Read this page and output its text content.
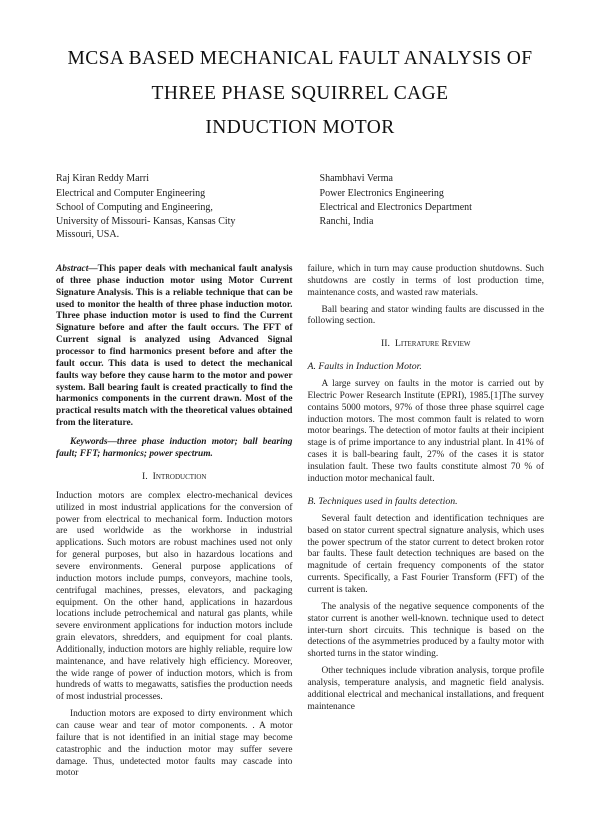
MCSA BASED MECHANICAL FAULT ANALYSIS OF
THREE PHASE SQUIRREL CAGE
INDUCTION MOTOR
Raj Kiran Reddy Marri
Electrical and Computer Engineering
School of Computing and Engineering,
University of Missouri- Kansas, Kansas City
Missouri, USA.
Shambhavi Verma
Power Electronics Engineering
Electrical and Electronics Department
Ranchi, India

Abstract—This paper deals with mechanical fault analysis of three phase induction motor using Motor Current Signature Analysis. This is a reliable technique that can be used to monitor the health of three phase induction motor. Three phase induction motor is used to find the Current Signature before and after the fault occurs. The FFT of Current signal is analyzed using Advanced Signal processor to find harmonics present before and after the fault occur. This data is used to detect the mechanical faults way before they cause harm to the motor and power system. Ball bearing fault is created practically to find the harmonics components in the current drawn. Most of the practical results match with the theoretical values obtained from the literature.

Keywords—three phase induction motor; ball bearing fault; FFT; harmonics; power spectrum.

I. Introduction

Induction motors are complex electro-mechanical devices utilized in most industrial applications for the conversion of power from electrical to mechanical form. Induction motors are used worldwide as the workhorse in industrial applications. Such motors are robust machines used not only for general purposes, but also in hazardous locations and severe environments. General purpose applications of induction motors include pumps, conveyors, machine tools, centrifugal machines, presses, elevators, and packaging equipment. On the other hand, applications in hazardous locations include petrochemical and natural gas plants, while severe environment applications for induction motors include grain elevators, shredders, and equipment for coal plants. Additionally, induction motors are highly reliable, require low maintenance, and have relatively high efficiency. Moreover, the wide range of power of induction motors, which is from hundreds of watts to megawatts, satisfies the production needs of most industrial processes.

Induction motors are exposed to dirty environment which can cause wear and tear of motor components. . A motor failure that is not identified in an initial stage may become catastrophic and the induction motor may suffer severe damage. Thus, undetected motor faults may cascade into motor

failure, which in turn may cause production shutdowns. Such shutdowns are costly in terms of lost production time, maintenance costs, and wasted raw materials.

Ball bearing and stator winding faults are discussed in the following section.

II. Literature Review
A. Faults in Induction Motor.

A large survey on faults in the motor is carried out by Electric Power Research Institute (EPRI), 1985.[1]The survey contains 5000 motors, 97% of those three phase squirrel cage induction motors. The most common fault is related to worn motor bearings. The detection of motor faults at their incipient stage is of prime importance to any industrial plant. In 41% of cases it is ball-bearing fault, 27% of the cases it is stator insulation fault. These two faults constitute almost 70 % of induction motor mechanical fault.

B. Techniques used in faults detection.

Several fault detection and identification techniques are based on stator current spectral signature analysis, which uses the power spectrum of the stator current to detect broken rotor bar faults. These fault detection techniques are based on the magnitude of certain frequency components of the stator currents. Specifically, a Fast Fourier Transform (FFT) of the current is taken.

The analysis of the negative sequence components of the stator current is another well-known. technique used to detect inter-turn short circuits. This technique is based on the detections of the asymmetries produced by a faulty motor with shorted turns in the stator winding.

Other techniques include vibration analysis, torque profile analysis, temperature analysis, and magnetic field analysis. additional electrical and mechanical installations, and frequent maintenance
